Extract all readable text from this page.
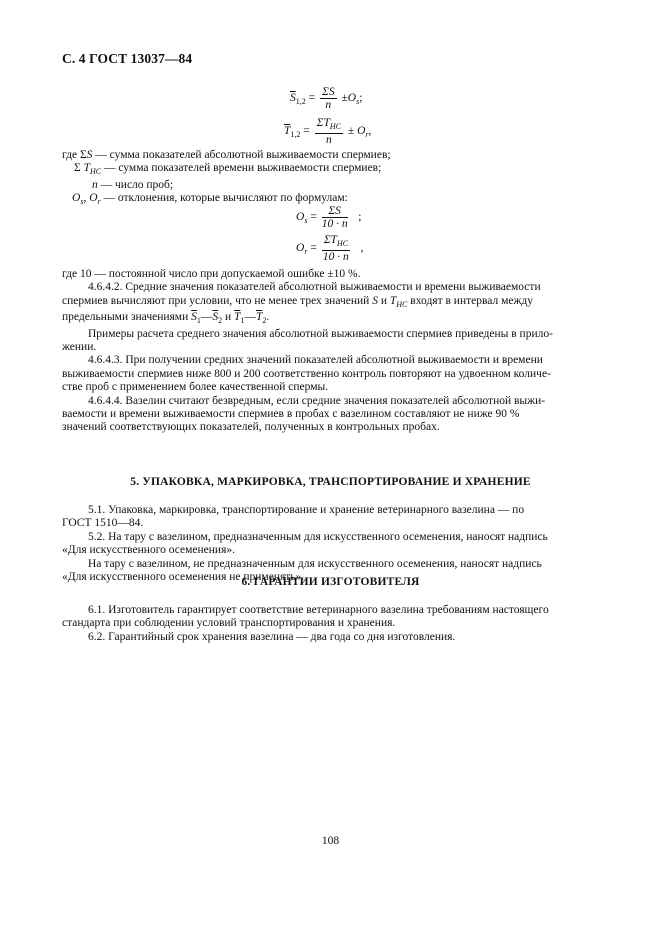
С. 4 ГОСТ 13037—84
$\overline{S}_{1,2} = \frac{\Sigma S}{n} \pm O_s$;
$\overline{T}_{1,2} = \frac{\Sigma T_{НС}}{n} \pm O_r$,
где ΣS — сумма показателей абсолютной выживаемости спермиев;
Σ $T_{НС}$ — сумма показателей времени выживаемости спермиев;
n — число проб;
$O_s$, $O_r$ — отклонения, которые вычисляют по формулам:
$O_s = \frac{\Sigma S}{10 \cdot n}$ ;
$O_r = \frac{\Sigma T_{НС}}{10 \cdot n}$ ,
где 10 — постоянной число при допускаемой ошибке ±10 %.
4.6.4.2. Средние значения показателей абсолютной выживаемости и времени выживаемости
спермиев вычисляют при условии, что не менее трех значений S и $T_{НС}$ входят в интервал между
предельными значениями $\overline{S}_1—\overline{S}_2$ и $\overline{T}_1—\overline{T}_2$.
Примеры расчета среднего значения абсолютной выживаемости спермиев приведены в прило-
жении.
4.6.4.3. При получении средних значений показателей абсолютной выживаемости и времени
выживаемости спермиев ниже 800 и 200 соответственно контроль повторяют на удвоенном количе-
стве проб с применением более качественной спермы.
4.6.4.4. Вазелин считают безвредным, если средние значения показателей абсолютной выжи-
ваемости и времени выживаемости спермиев в пробах с вазелином составляют не ниже 90 %
значений соответствующих показателей, полученных в контрольных пробах.
5. УПАКОВКА, МАРКИРОВКА, ТРАНСПОРТИРОВАНИЕ И ХРАНЕНИЕ
5.1. Упаковка, маркировка, транспортирование и хранение ветеринарного вазелина — по
ГОСТ 1510—84.
5.2. На тару с вазелином, предназначенным для искусственного осеменения, наносят надпись
«Для искусственного осеменения».
На тару с вазелином, не предназначенным для искусственного осеменения, наносят надпись
«Для искусственного осеменения не применять».
6. ГАРАНТИИ ИЗГОТОВИТЕЛЯ
6.1. Изготовитель гарантирует соответствие ветеринарного вазелина требованиям настоящего
стандарта при соблюдении условий транспортирования и хранения.
6.2. Гарантийный срок хранения вазелина — два года со дня изготовления.
108
